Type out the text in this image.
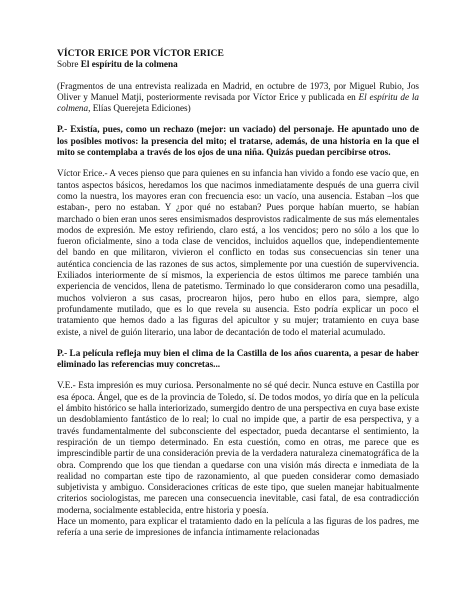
VÍCTOR ERICE POR VÍCTOR ERICE
Sobre El espíritu de la colmena

(Fragmentos de una entrevista realizada en Madrid, en octubre de 1973, por Miguel Rubio, Jos Oliver y Manuel Matji, posteriormente revisada por Víctor Erice y publicada en El espíritu de la colmena, Elías Querejeta Ediciones)

P.- Existía, pues, como un rechazo (mejor: un vaciado) del personaje. He apuntado uno de los posibles motivos: la presencia del mito; el tratarse, además, de una historia en la que el mito se contemplaba a través de los ojos de una niña. Quizás puedan percibirse otros.

Víctor Erice.- A veces pienso que para quienes en su infancia han vivido a fondo ese vacío que, en tantos aspectos básicos, heredamos los que nacimos inmediatamente después de una guerra civil como la nuestra, los mayores eran con frecuencia eso: un vacío, una ausencia. Estaban –los que estaban-, pero no estaban. Y ¿por qué no estaban? Pues porque habían muerto, se habían marchado o bien eran unos seres ensimismados desprovistos radicalmente de sus más elementales modos de expresión. Me estoy refiriendo, claro está, a los vencidos; pero no sólo a los que lo fueron oficialmente, sino a toda clase de vencidos, incluidos aquellos que, independientemente del bando en que militaron, vivieron el conflicto en todas sus consecuencias sin tener una auténtica conciencia de las razones de sus actos, simplemente por una cuestión de supervivencia. Exiliados interiormente de sí mismos, la experiencia de estos últimos me parece también una experiencia de vencidos, llena de patetismo. Terminado lo que consideraron como una pesadilla, muchos volvieron a sus casas, procrearon hijos, pero hubo en ellos para, siempre, algo profundamente mutilado, que es lo que revela su ausencia. Esto podría explicar un poco el tratamiento que hemos dado a las figuras del apicultor y su mujer; tratamiento en cuya base existe, a nivel de guión literario, una labor de decantación de todo el material acumulado.

P.- La película refleja muy bien el clima de la Castilla de los años cuarenta, a pesar de haber eliminado las referencias muy concretas...

V.E.- Esta impresión es muy curiosa. Personalmente no sé qué decir. Nunca estuve en Castilla por esa época. Ángel, que es de la provincia de Toledo, sí. De todos modos, yo diría que en la película el ámbito histórico se halla interiorizado, sumergido dentro de una perspectiva en cuya base existe un desdoblamiento fantástico de lo real; lo cual no impide que, a partir de esa perspectiva, y a través fundamentalmente del subconsciente del espectador, pueda decantarse el sentimiento, la respiración de un tiempo determinado. En esta cuestión, como en otras, me parece que es imprescindible partir de una consideración previa de la verdadera naturaleza cinematográfica de la obra. Comprendo que los que tiendan a quedarse con una visión más directa e inmediata de la realidad no compartan este tipo de razonamiento, al que pueden considerar como demasiado subjetivista y ambiguo. Consideraciones críticas de este tipo, que suelen manejar habitualmente criterios sociologistas, me parecen una consecuencia inevitable, casi fatal, de esa contradicción moderna, socialmente establecida, entre historia y poesía.

Hace un momento, para explicar el tratamiento dado en la película a las figuras de los padres, me refería a una serie de impresiones de infancia íntimamente relacionadas
